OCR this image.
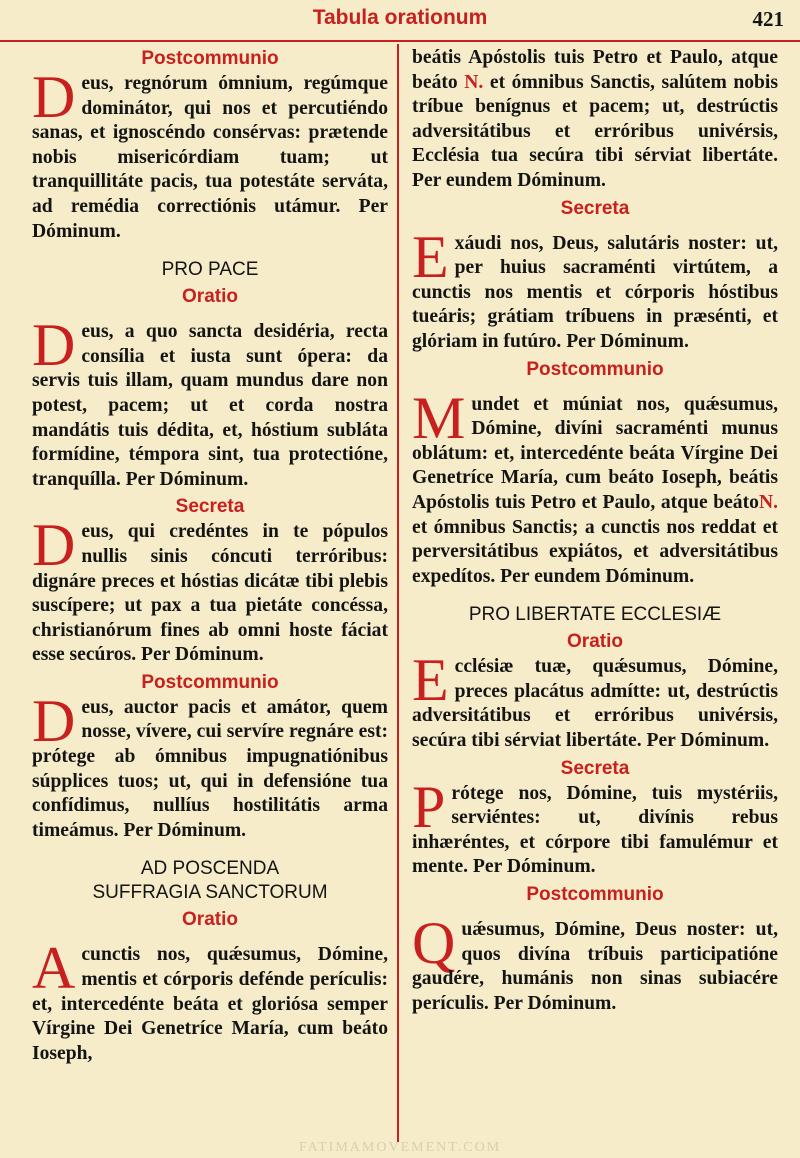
Tabula orationum	421

Postcommunio

Deus, regnórum ómnium, regúmque dominátor, qui nos et percutiéndo sanas, et ignoscéndo consérvas: prætende nobis misericórdiam tuam; ut tranquillitáte pacis, tua potestáte serváta, ad remédia correctiónis utámur. Per Dóminum.

PRO PACE

Oratio

Deus, a quo sancta desidéria, recta consília et iusta sunt ópera: da servis tuis illam, quam mundus dare non potest, pacem; ut et corda nostra mandátis tuis dédita, et, hóstium subláta formídine, témpora sint, tua protectióne, tranquílla. Per Dóminum.

Secreta

Deus, qui credéntes in te pópulos nullis sinis cóncuti terróribus: dignáre preces et hóstias dicátæ tibi plebis suscípere; ut pax a tua pietáte concéssa, christianórum fines ab omni hoste fáciat esse secúros. Per Dóminum.

Postcommunio

Deus, auctor pacis et amátor, quem nosse, vívere, cui servíre regnáre est: prótege ab ómnibus impugnatiónibus súpplices tuos; ut, qui in defensióne tua confídimus, nullíus hostilitátis arma timeámus. Per Dóminum.

AD POSCENDA
SUFFRAGIA SANCTORUM

Oratio

A cunctis nos, quǽsumus, Dómine, mentis et córporis defénde perículis: et, intercedénte beáta et gloriósa semper Vírgine Dei Genetríce María, cum beáto Ioseph,

beátis Apóstolis tuis Petro et Paulo, atque beáto N. et ómnibus Sanctis, salútem nobis tríbue benígnus et pacem; ut, destrúctis adversitátibus et erróribus univérsis, Ecclésia tua secúra tibi sérviat libertáte. Per eundem Dóminum.

Secreta

Exáudi nos, Deus, salutáris noster: ut, per huius sacraménti virtútem, a cunctis nos mentis et córporis hóstibus tueáris; grátiam tríbuens in præsénti, et glóriam in futúro. Per Dóminum.

Postcommunio

Mundet et múniat nos, quǽsumus, Dómine, divíni sacraménti munus oblátum: et, intercedénte beáta Vírgine Dei Genetríce María, cum beáto Ioseph, beátis Apóstolis tuis Petro et Paulo, atque beátoN. et ómnibus Sanctis; a cunctis nos reddat et perversitátibus expiátos, et adversitátibus expedítos. Per eundem Dóminum.

PRO LIBERTATE ECCLESIÆ

Oratio

Ecclésiæ tuæ, quǽsumus, Dómine, preces placátus admítte: ut, destrúctis adversitátibus et erróribus univérsis, secúra tibi sérviat libertáte. Per Dóminum.

Secreta

Prótege nos, Dómine, tuis mystériis, serviéntes: ut, divínis rebus inhæréntes, et córpore tibi famulémur et mente. Per Dóminum.

Postcommunio

Quǽsumus, Dómine, Deus noster: ut, quos divína tríbuis participatióne gaudére, humánis non sinas subiacére perículis. Per Dóminum.

FATIMAMOVEMENT.COM
